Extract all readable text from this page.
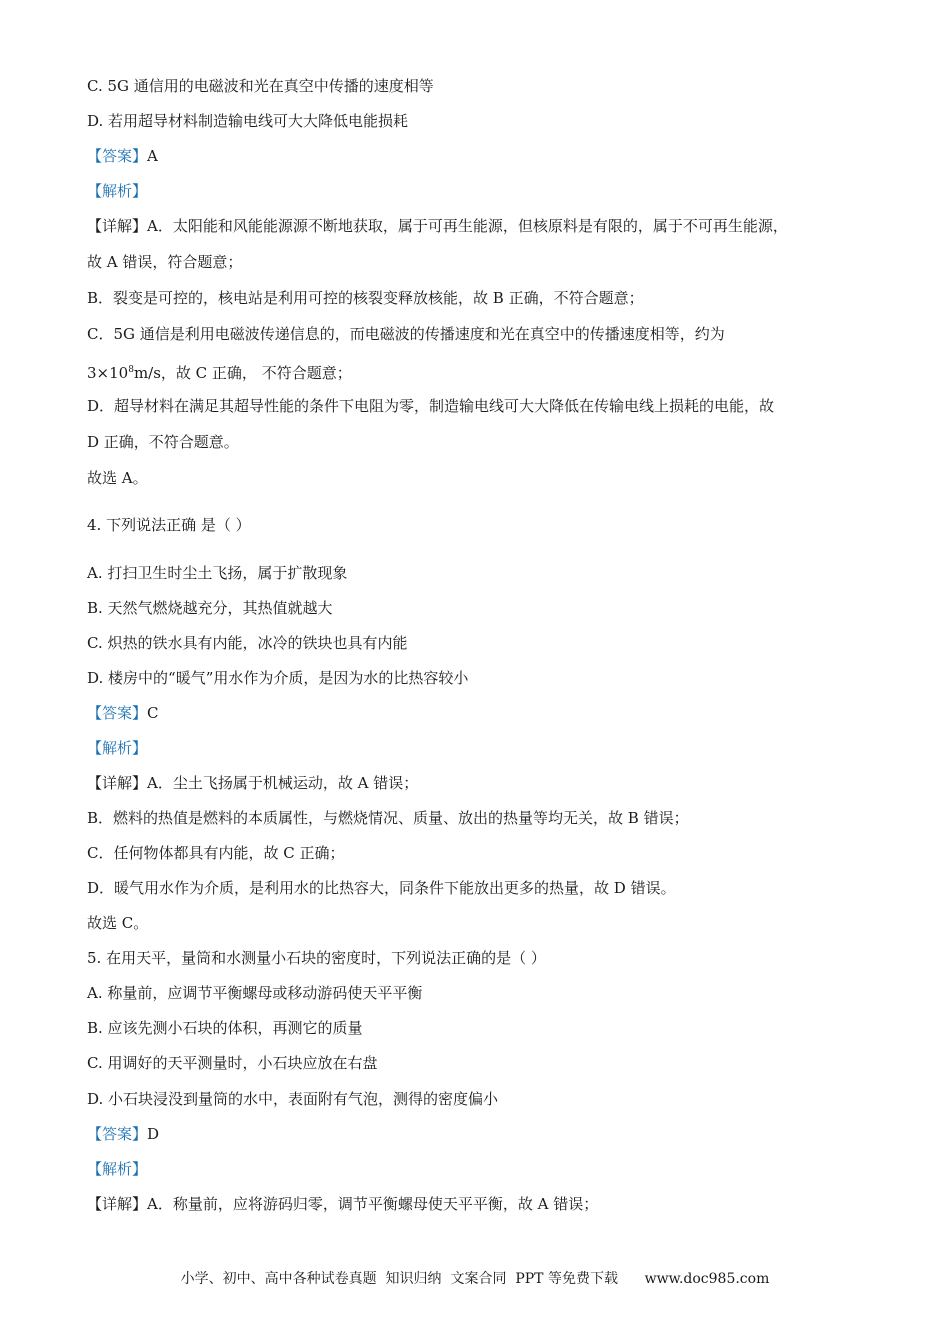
C. 5G 通信用的电磁波和光在真空中传播的速度相等
D. 若用超导材料制造输电线可大大降低电能损耗
【答案】A
【解析】
【详解】A．太阳能和风能能源源不断地获取，属于可再生能源，但核原料是有限的，属于不可再生能源，
故 A 错误，符合题意；
B．裂变是可控的，核电站是利用可控的核裂变释放核能，故 B 正确，不符合题意；
C．5G 通信是利用电磁波传递信息的，而电磁波的传播速度和光在真空中的传播速度相等，约为
$3\times 10^8m/s$，故 C 正确， 不符合题意；
D．超导材料在满足其超导性能的条件下电阻为零，制造输电线可大大降低在传输电线上损耗的电能，故
D 正确，不符合题意。
故选 A。
4. 下列说法正确 是（ ）
A. 打扫卫生时尘土飞扬，属于扩散现象
B. 天然气燃烧越充分，其热值就越大
C. 炽热的铁水具有内能，冰冷的铁块也具有内能
D. 楼房中的“暖气”用水作为介质，是因为水的比热容较小
【答案】C
【解析】
【详解】A．尘土飞扬属于机械运动，故 A 错误；
B．燃料的热值是燃料的本质属性，与燃烧情况、质量、放出的热量等均无关，故 B 错误；
C．任何物体都具有内能，故 C 正确；
D．暖气用水作为介质，是利用水的比热容大，同条件下能放出更多的热量，故 D 错误。
故选 C。
5. 在用天平，量筒和水测量小石块的密度时，下列说法正确的是（ ）
A. 称量前，应调节平衡螺母或移动游码使天平平衡
B. 应该先测小石块的体积，再测它的质量
C. 用调好的天平测量时，小石块应放在右盘
D. 小石块浸没到量筒的水中，表面附有气泡，测得的密度偏小
【答案】D
【解析】
【详解】A．称量前，应将游码归零，调节平衡螺母使天平平衡，故 A 错误；
小学、初中、高中各种试卷真题  知识归纳  文案合同  PPT 等免费下载      www.doc985.com
